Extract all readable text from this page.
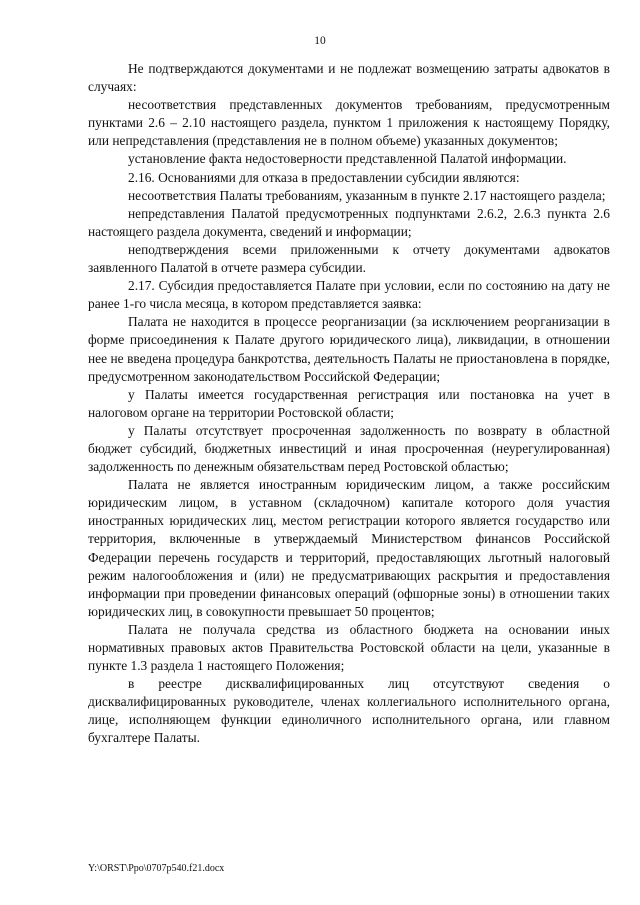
10

Не подтверждаются документами и не подлежат возмещению затраты адвокатов в случаях:

несоответствия представленных документов требованиям, предусмотренным пунктами 2.6 – 2.10 настоящего раздела, пунктом 1 приложения к настоящему Порядку, или непредставления (представления не в полном объеме) указанных документов;

установление факта недостоверности представленной Палатой информации.

2.16. Основаниями для отказа в предоставлении субсидии являются:

несоответствия Палаты требованиям, указанным в пункте 2.17 настоящего раздела;

непредставления Палатой предусмотренных подпунктами 2.6.2, 2.6.3 пункта 2.6 настоящего раздела документа, сведений и информации;

неподтверждения всеми приложенными к отчету документами адвокатов заявленного Палатой в отчете размера субсидии.

2.17. Субсидия предоставляется Палате при условии, если по состоянию на дату не ранее 1-го числа месяца, в котором представляется заявка:

Палата не находится в процессе реорганизации (за исключением реорганизации в форме присоединения к Палате другого юридического лица), ликвидации, в отношении нее не введена процедура банкротства, деятельность Палаты не приостановлена в порядке, предусмотренном законодательством Российской Федерации;

у Палаты имеется государственная регистрация или постановка на учет в налоговом органе на территории Ростовской области;

у Палаты отсутствует просроченная задолженность по возврату в областной бюджет субсидий, бюджетных инвестиций и иная просроченная (неурегулированная) задолженность по денежным обязательствам перед Ростовской областью;

Палата не является иностранным юридическим лицом, а также российским юридическим лицом, в уставном (складочном) капитале которого доля участия иностранных юридических лиц, местом регистрации которого является государство или территория, включенные в утверждаемый Министерством финансов Российской Федерации перечень государств и территорий, предоставляющих льготный налоговый режим налогообложения и (или) не предусматривающих раскрытия и предоставления информации при проведении финансовых операций (офшорные зоны) в отношении таких юридических лиц, в совокупности превышает 50 процентов;

Палата не получала средства из областного бюджета на основании иных нормативных правовых актов Правительства Ростовской области на цели, указанные в пункте 1.3 раздела 1 настоящего Положения;

в реестре дисквалифицированных лиц отсутствуют сведения о дисквалифицированных руководителе, членах коллегиального исполнительного органа, лице, исполняющем функции единоличного исполнительного органа, или главном бухгалтере Палаты.

Y:\ORST\Ppo\0707p540.f21.docx
